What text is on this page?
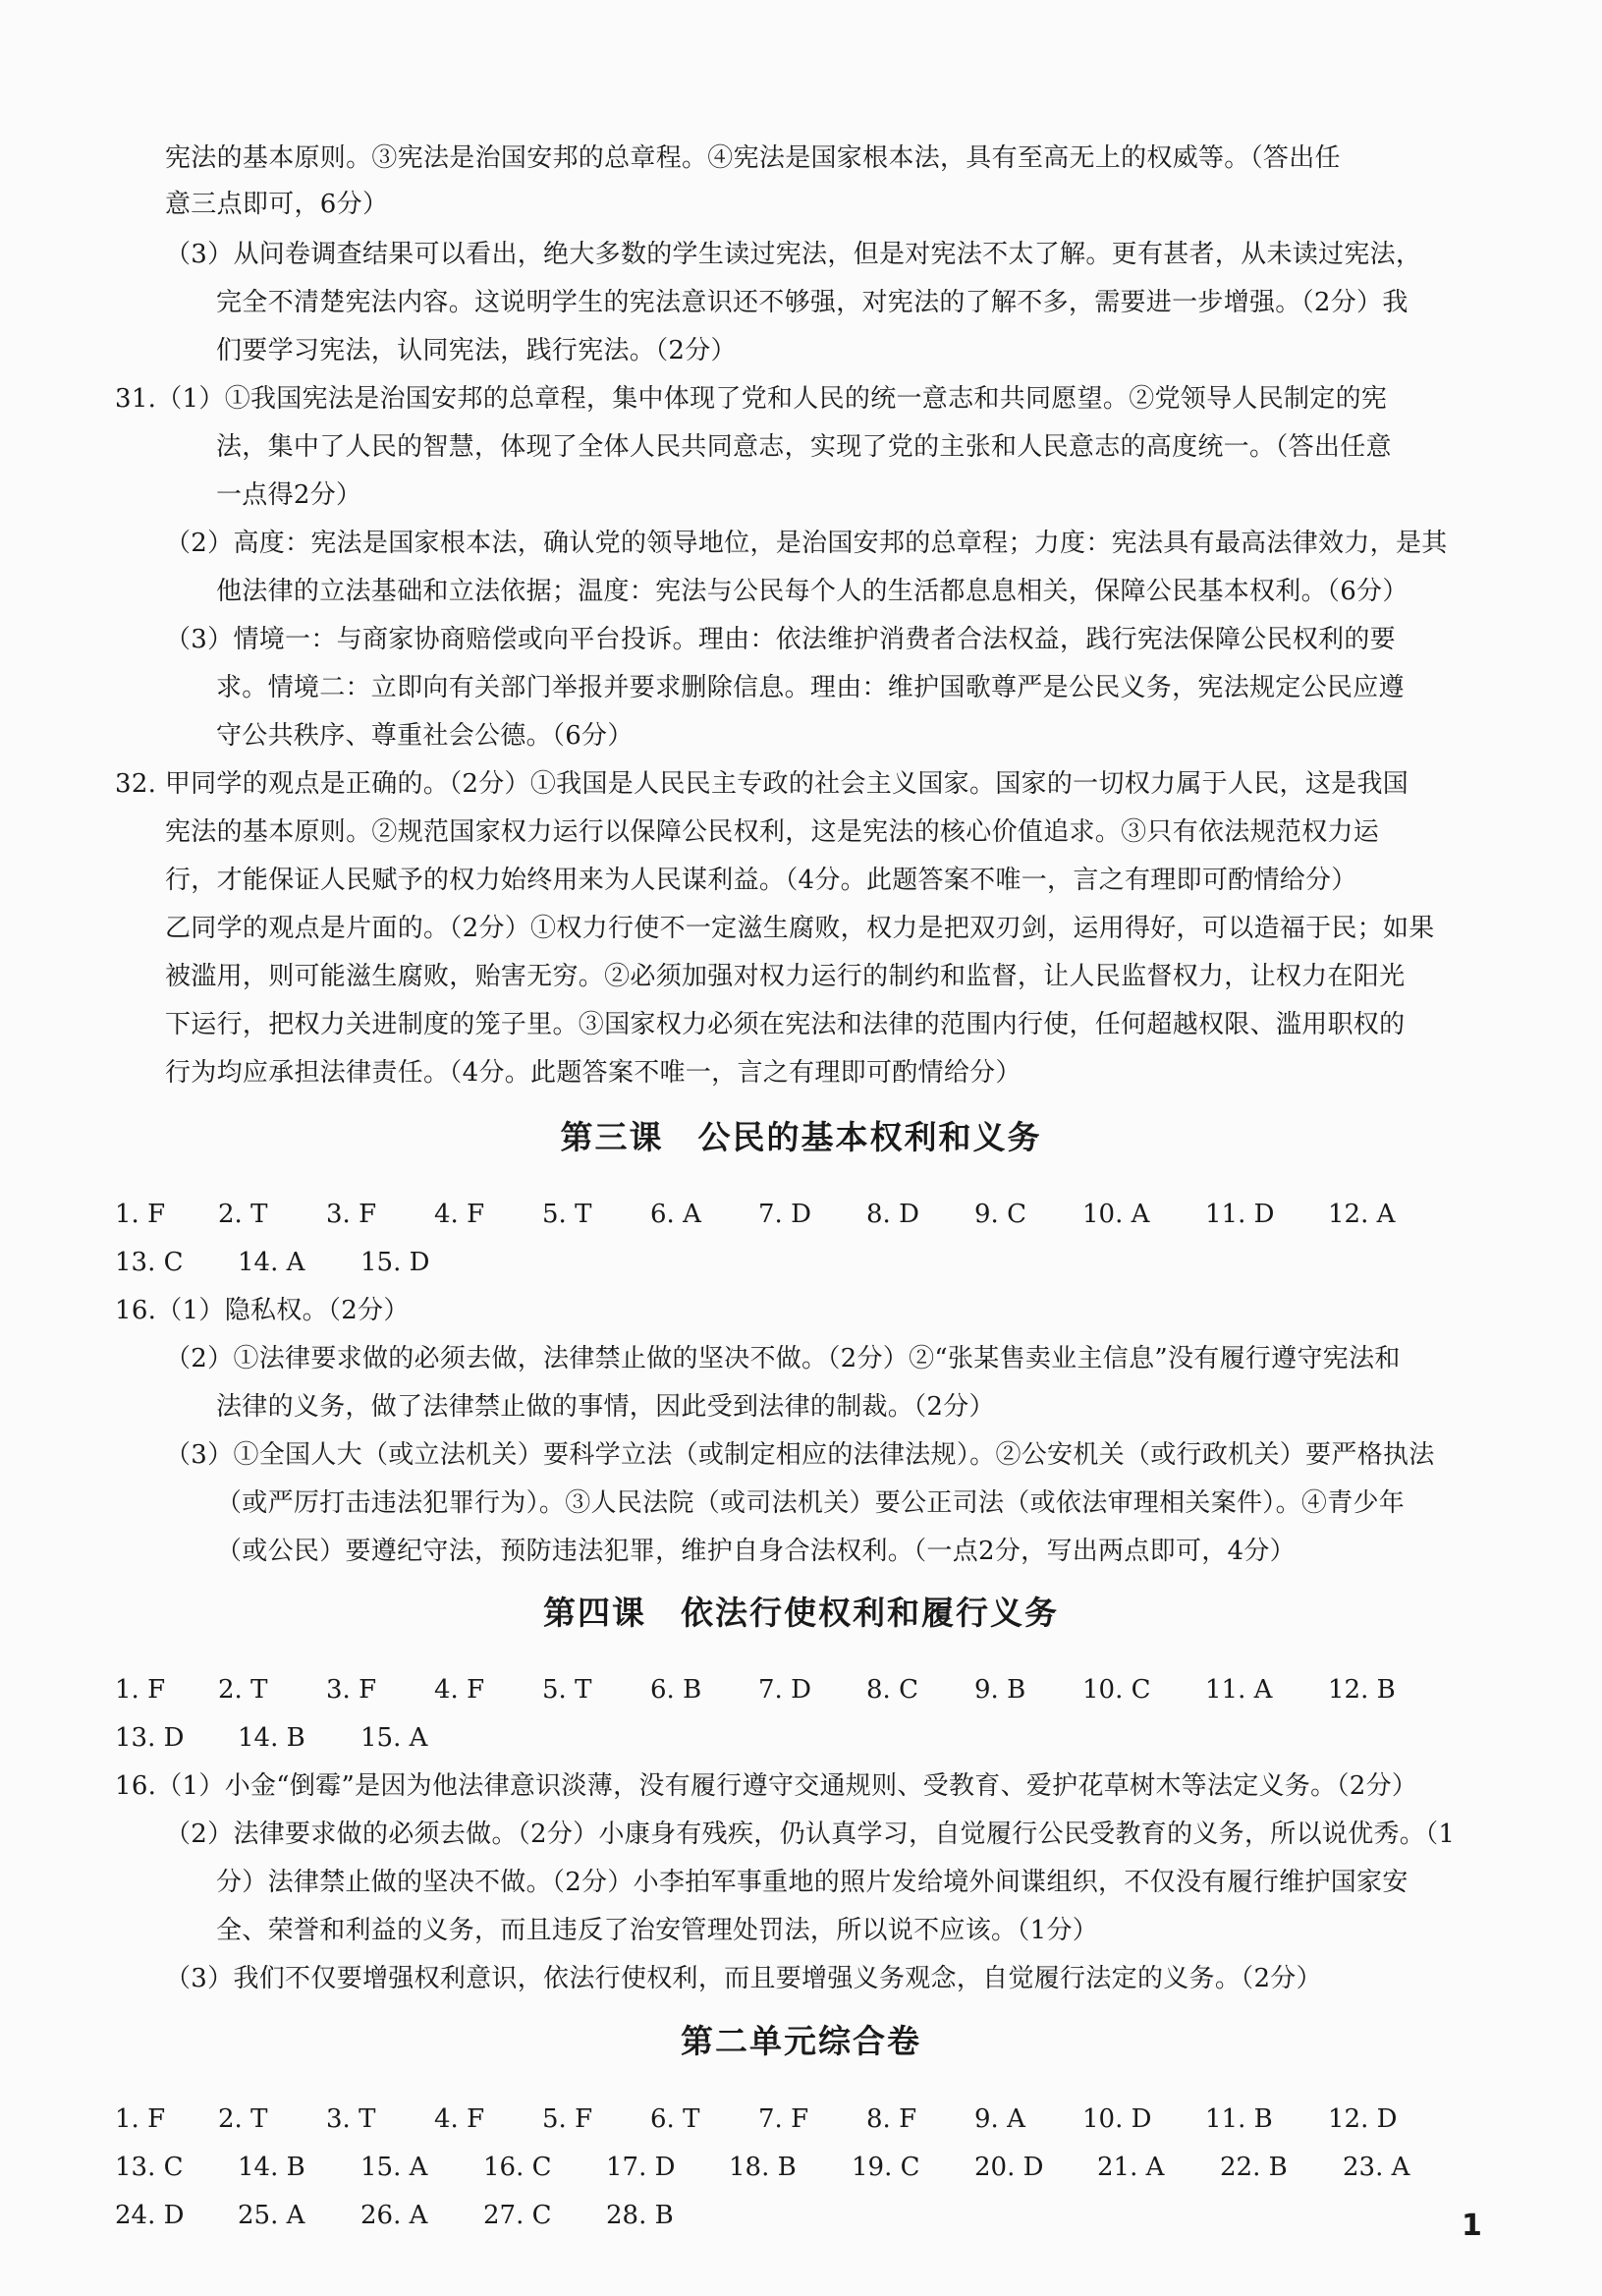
宪法的基本原则。③宪法是治国安邦的总章程。④宪法是国家根本法，具有至高无上的权威等。（答出任
意三点即可，6分）
（3）从问卷调查结果可以看出，绝大多数的学生读过宪法，但是对宪法不太了解。更有甚者，从未读过宪法，
完全不清楚宪法内容。这说明学生的宪法意识还不够强，对宪法的了解不多，需要进一步增强。（2分）我
们要学习宪法，认同宪法，践行宪法。（2分）
31.（1）①我国宪法是治国安邦的总章程，集中体现了党和人民的统一意志和共同愿望。②党领导人民制定的宪
法，集中了人民的智慧，体现了全体人民共同意志，实现了党的主张和人民意志的高度统一。（答出任意
一点得2分）
（2）高度：宪法是国家根本法，确认党的领导地位，是治国安邦的总章程；力度：宪法具有最高法律效力，是其
他法律的立法基础和立法依据；温度：宪法与公民每个人的生活都息息相关，保障公民基本权利。（6分）
（3）情境一：与商家协商赔偿或向平台投诉。理由：依法维护消费者合法权益，践行宪法保障公民权利的要
求。情境二：立即向有关部门举报并要求删除信息。理由：维护国歌尊严是公民义务，宪法规定公民应遵
守公共秩序、尊重社会公德。（6分）
32. 甲同学的观点是正确的。（2分）①我国是人民民主专政的社会主义国家。国家的一切权力属于人民，这是我国
宪法的基本原则。②规范国家权力运行以保障公民权利，这是宪法的核心价值追求。③只有依法规范权力运
行，才能保证人民赋予的权力始终用来为人民谋利益。（4分。此题答案不唯一，言之有理即可酌情给分）
乙同学的观点是片面的。（2分）①权力行使不一定滋生腐败，权力是把双刃剑，运用得好，可以造福于民；如果
被滥用，则可能滋生腐败，贻害无穷。②必须加强对权力运行的制约和监督，让人民监督权力，让权力在阳光
下运行，把权力关进制度的笼子里。③国家权力必须在宪法和法律的范围内行使，任何超越权限、滥用职权的
行为均应承担法律责任。（4分。此题答案不唯一，言之有理即可酌情给分）
第三课　公民的基本权利和义务
1. F 2. T 3. F 4. F 5. T 6. A 7. D 8. D 9. C 10. A 11. D 12. A
13. C 14. A 15. D
16.（1）隐私权。（2分）
（2）①法律要求做的必须去做，法律禁止做的坚决不做。（2分）②“张某售卖业主信息”没有履行遵守宪法和
法律的义务，做了法律禁止做的事情，因此受到法律的制裁。（2分）
（3）①全国人大（或立法机关）要科学立法（或制定相应的法律法规）。②公安机关（或行政机关）要严格执法
（或严厉打击违法犯罪行为）。③人民法院（或司法机关）要公正司法（或依法审理相关案件）。④青少年
（或公民）要遵纪守法，预防违法犯罪，维护自身合法权利。（一点2分，写出两点即可，4分）
第四课　依法行使权利和履行义务
1. F 2. T 3. F 4. F 5. T 6. B 7. D 8. C 9. B 10. C 11. A 12. B
13. D 14. B 15. A
16.（1）小金“倒霉”是因为他法律意识淡薄，没有履行遵守交通规则、受教育、爱护花草树木等法定义务。（2分）
（2）法律要求做的必须去做。（2分）小康身有残疾，仍认真学习，自觉履行公民受教育的义务，所以说优秀。（1
分）法律禁止做的坚决不做。（2分）小李拍军事重地的照片发给境外间谍组织，不仅没有履行维护国家安
全、荣誉和利益的义务，而且违反了治安管理处罚法，所以说不应该。（1分）
（3）我们不仅要增强权利意识，依法行使权利，而且要增强义务观念，自觉履行法定的义务。（2分）
第二单元综合卷
1. F 2. T 3. T 4. F 5. F 6. T 7. F 8. F 9. A 10. D 11. B 12. D
13. C 14. B 15. A 16. C 17. D 18. B 19. C 20. D 21. A 22. B 23. A
24. D 25. A 26. A 27. C 28. B	1
